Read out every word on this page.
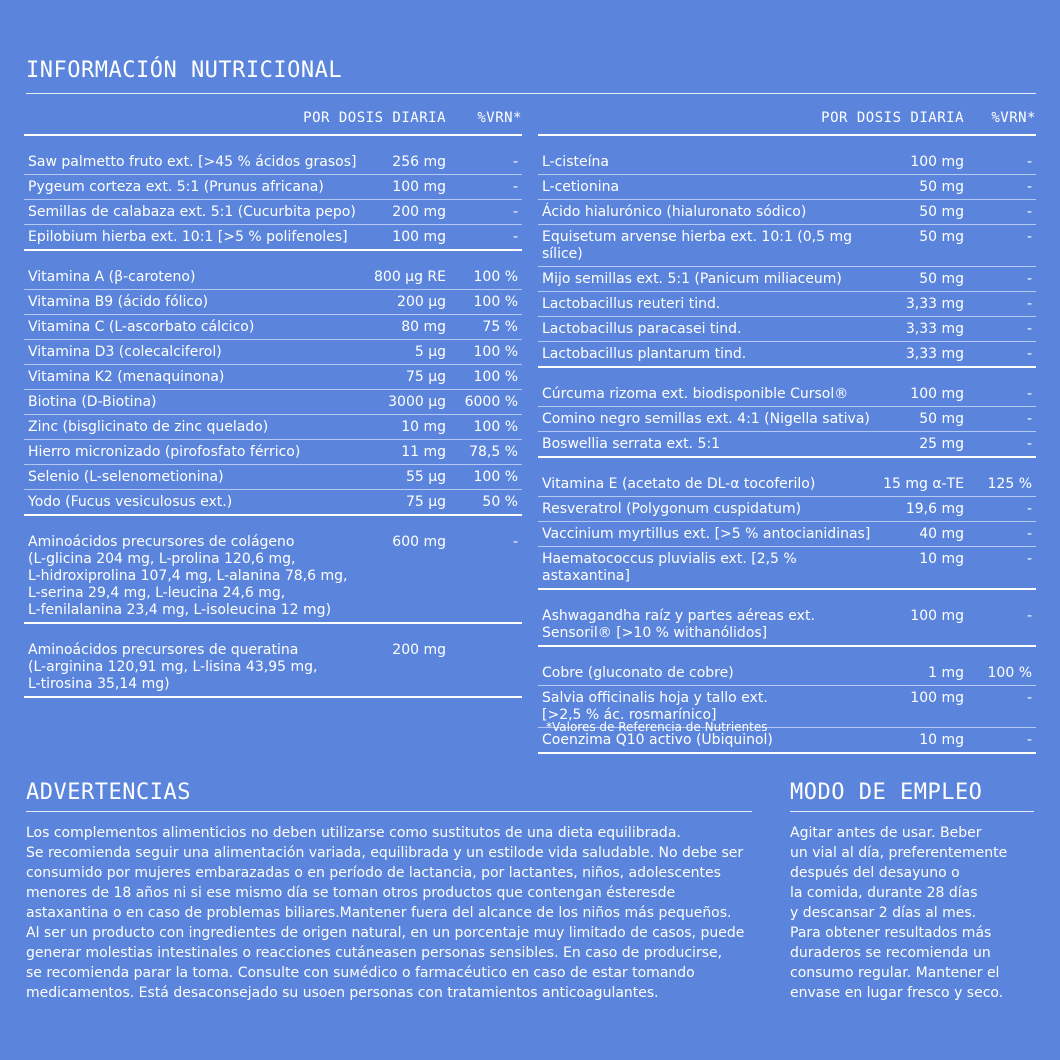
INFORMACIÓN NUTRICIONAL
POR DOSIS DIARIA %VRN*
Saw palmetto fruto ext. [>45 % ácidos grasos]	256 mg	-
Pygeum corteza ext. 5:1 (Prunus africana)	100 mg	-
Semillas de calabaza ext. 5:1 (Cucurbita pepo)	200 mg	-
Epilobium hierba ext. 10:1 [>5 % polifenoles]	100 mg	-
Vitamina A (β-caroteno)	800 µg RE 100 %
Vitamina B9 (ácido fólico)	200 µg 100 %
Vitamina C (L-ascorbato cálcico)	80 mg	75 %
Vitamina D3 (colecalciferol)	5 µg 100 %
Vitamina K2 (menaquinona)	75 µg 100 %
Biotina (D-Biotina)	3000 µg 6000 %
Zinc (bisglicinato de zinc quelado)	10 mg 100 %
Hierro micronizado (pirofosfato férrico)	11 mg 78,5 %
Selenio (L-selenometionina)	55 µg 100 %
Yodo (Fucus vesiculosus ext.)	75 µg	50 %
Aminoácidos precursores de colágeno
(L-glicina 204 mg, L-prolina 120,6 mg,
L-hidroxiprolina 107,4 mg, L-alanina 78,6 mg,
L-serina 29,4 mg, L-leucina 24,6 mg,
L-fenilalanina 23,4 mg, L-isoleucina 12 mg)
600 mg	-
Aminoácidos precursores de queratina
(L-arginina 120,91 mg, L-lisina 43,95 mg,
L-tirosina 35,14 mg)
200 mg
POR DOSIS DIARIA %VRN*
L-cisteína	100 mg	-
L-cetionina	50 mg	-
Ácido hialurónico (hialuronato sódico)	50 mg	-
Equisetum arvense hierba ext. 10:1 (0,5 mg sílice)
50 mg	-
Mijo semillas ext. 5:1 (Panicum miliaceum)	50 mg	-
Lactobacillus reuteri tind.	3,33 mg	-
Lactobacillus paracasei tind.	3,33 mg	-
Lactobacillus plantarum tind.	3,33 mg	-
Cúrcuma rizoma ext. biodisponible Cursol®	100 mg	-
Comino negro semillas ext. 4:1 (Nigella sativa)	50 mg	-
Boswellia serrata ext. 5:1	25 mg	-
Vitamina E (acetato de DL-α tocoferilo)	15 mg α-TE 125 %
Resveratrol (Polygonum cuspidatum)	19,6 mg	-
Vaccinium myrtillus ext. [>5 % antocianidinas]	40 mg	-
Haematococcus pluvialis ext. [2,5 % astaxantina]
10 mg	-
Ashwagandha raíz y partes aéreas ext.
Sensoril® [>10 % withanólidos]
100 mg	-
Cobre (gluconato de cobre)	1 mg 100 %
Salvia officinalis hoja y tallo ext.
[>2,5 % ác. rosmarínico]
100 mg	-
Coenzima Q10 activo (Ubiquinol)	10 mg	-
*Valores de Referencia de Nutrientes
ADVERTENCIAS
Los complementos alimenticios no deben utilizarse como sustitutos de una dieta equilibrada.
Se recomienda seguir una alimentación variada, equilibrada y un estilode vida saludable. No debe ser
consumido por mujeres embarazadas o en período de lactancia, por lactantes, niños, adolescentes
menores de 18 años ni si ese mismo día se toman otros productos que contengan ésteresde
astaxantina o en caso de problemas biliares.Mantener fuera del alcance de los niños más pequeños.
Al ser un producto con ingredientes de origen natural, en un porcentaje muy limitado de casos, puede
generar molestias intestinales o reacciones cutáneasen personas sensibles. En caso de producirse,
se recomienda parar la toma. Consulte con suмédico o farmacéutico en caso de estar tomando
medicamentos. Está desaconsejado su usoen personas con tratamientos anticoagulantes.
MODO DE EMPLEO
Agitar antes de usar. Beber
un vial al día, preferentemente
después del desayuno o
la comida, durante 28 días
y descansar 2 días al mes.
Para obtener resultados más
duraderos se recomienda un
consumo regular. Mantener el
envase en lugar fresco y seco.
